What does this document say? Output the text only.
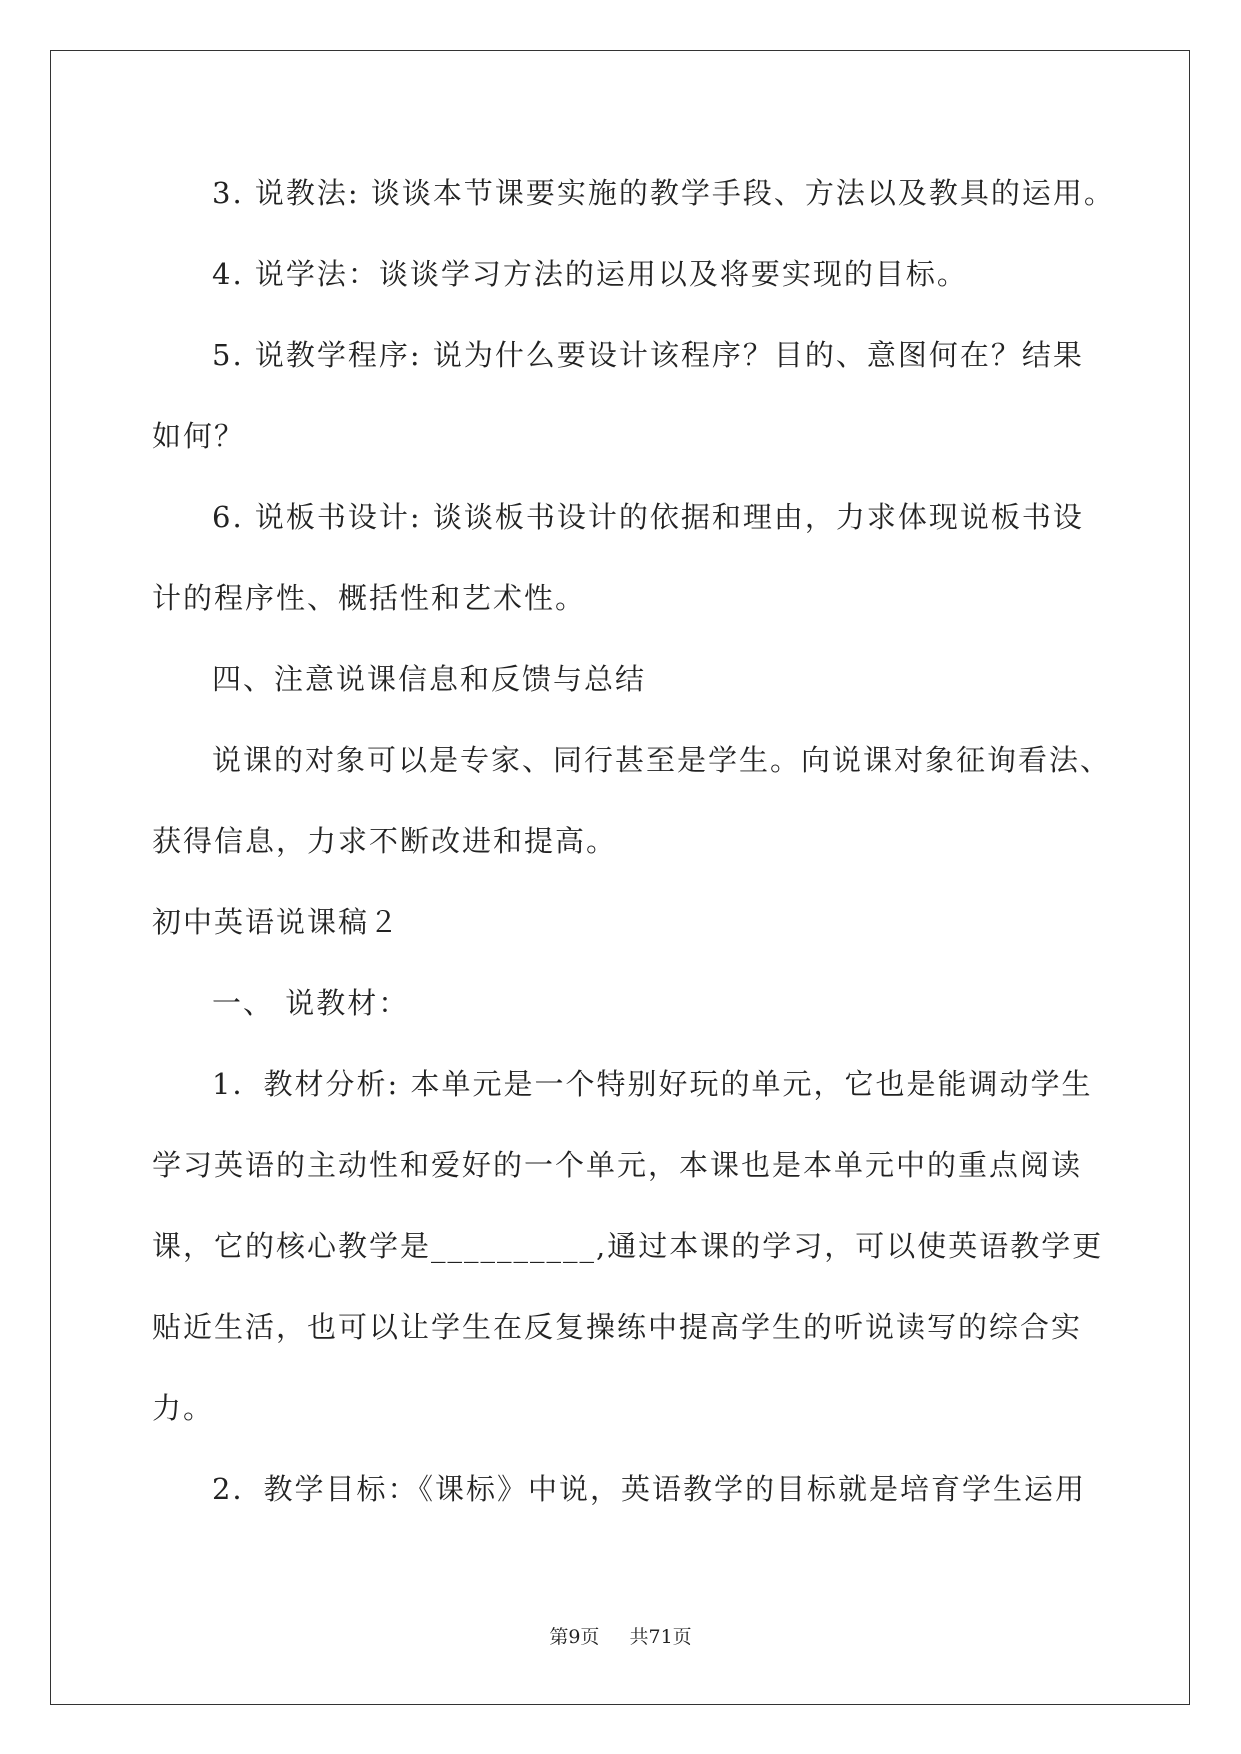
3. 说教法: 谈谈本节课要实施的教学手段、方法以及教具的运用。
4. 说学法：谈谈学习方法的运用以及将要实现的目标。
5. 说教学程序: 说为什么要设计该程序？目的、意图何在？结果
如何？
6. 说板书设计: 谈谈板书设计的依据和理由，力求体现说板书设
计的程序性、概括性和艺术性。
四、注意说课信息和反馈与总结
说课的对象可以是专家、同行甚至是学生。向说课对象征询看法、
获得信息，力求不断改进和提高。
初中英语说课稿２
一、 说教材：
1．教材分析: 本单元是一个特别好玩的单元，它也是能调动学生
学习英语的主动性和爱好的一个单元，本课也是本单元中的重点阅读
课，它的核心教学是__________,通过本课的学习，可以使英语教学更
贴近生活，也可以让学生在反复操练中提高学生的听说读写的综合实
力。
2．教学目标：《课标》中说，英语教学的目标就是培育学生运用
第9页 共71页
